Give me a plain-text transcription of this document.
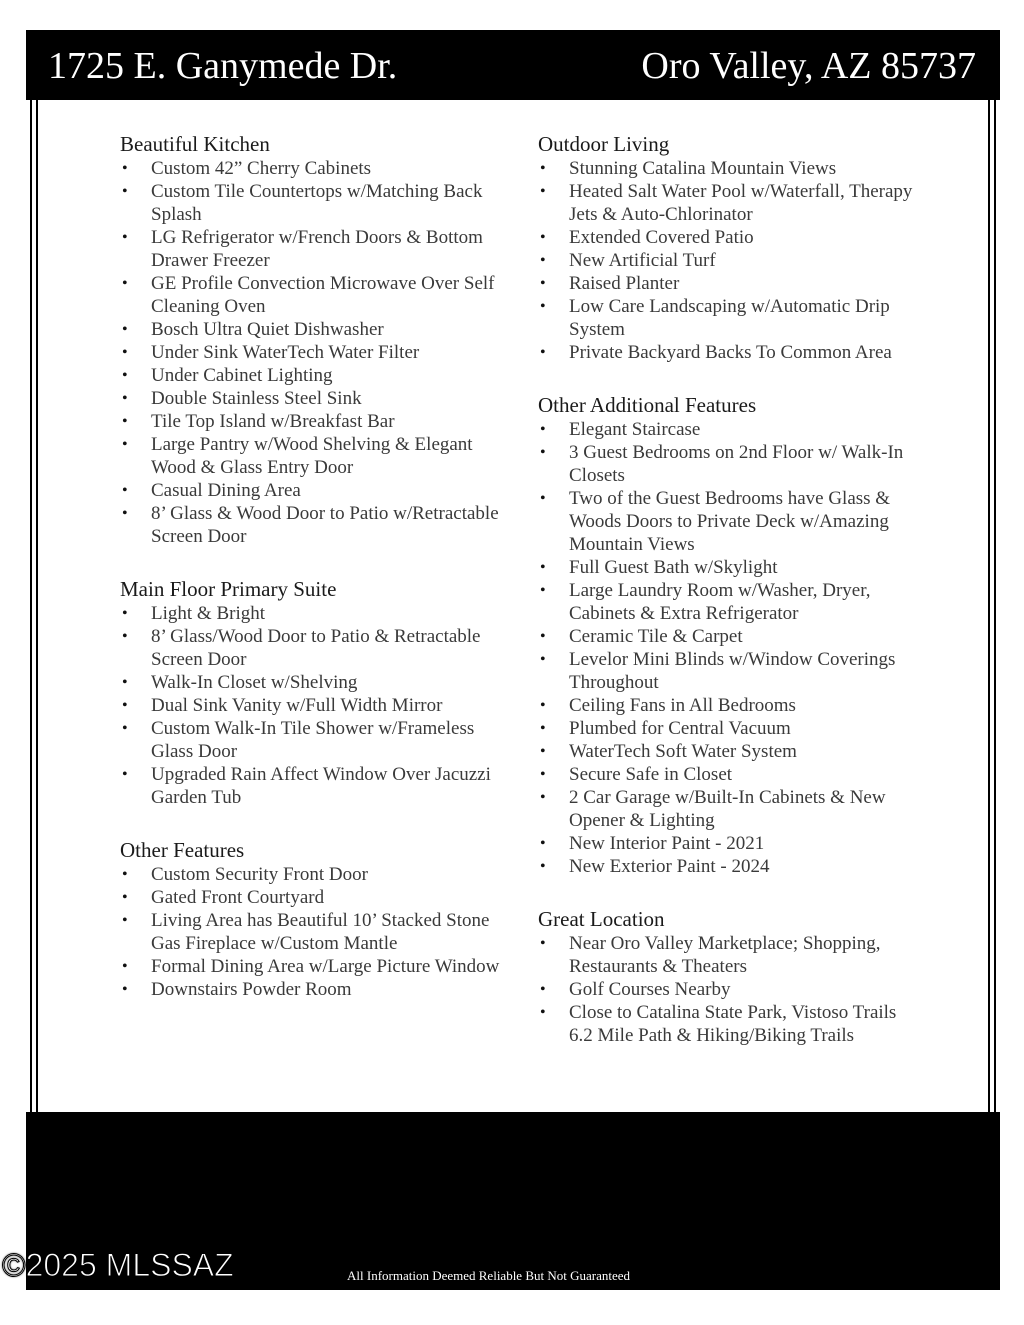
1725 E. Ganymede Dr.	Oro Valley, AZ 85737
Beautiful Kitchen
• Custom 42” Cherry Cabinets
• Custom Tile Countertops w/Matching Back Splash
• LG Refrigerator w/French Doors & Bottom Drawer Freezer
• GE Profile Convection Microwave Over Self Cleaning Oven
• Bosch Ultra Quiet Dishwasher
• Under Sink WaterTech Water Filter
• Under Cabinet Lighting
• Double Stainless Steel Sink
• Tile Top Island w/Breakfast Bar
• Large Pantry w/Wood Shelving & Elegant Wood & Glass Entry Door
• Casual Dining Area
• 8’ Glass & Wood Door to Patio w/Retractable Screen Door
Main Floor Primary Suite
• Light & Bright
• 8’ Glass/Wood Door to Patio & Retractable Screen Door
• Walk-In Closet w/Shelving
• Dual Sink Vanity w/Full Width Mirror
• Custom Walk-In Tile Shower w/Frameless Glass Door
• Upgraded Rain Affect Window Over Jacuzzi Garden Tub
Other Features
• Custom Security Front Door
• Gated Front Courtyard
• Living Area has Beautiful 10’ Stacked Stone Gas Fireplace w/Custom Mantle
• Formal Dining Area w/Large Picture Window
• Downstairs Powder Room
Outdoor Living
• Stunning Catalina Mountain Views
• Heated Salt Water Pool w/Waterfall, Therapy Jets & Auto-Chlorinator
• Extended Covered Patio
• New Artificial Turf
• Raised Planter
• Low Care Landscaping w/Automatic Drip System
• Private Backyard Backs To Common Area
Other Additional Features
• Elegant Staircase
• 3 Guest Bedrooms on 2nd Floor w/ Walk-In Closets
• Two of the Guest Bedrooms have Glass & Woods Doors to Private Deck w/Amazing Mountain Views
• Full Guest Bath w/Skylight
• Large Laundry Room w/Washer, Dryer, Cabinets & Extra Refrigerator
• Ceramic Tile & Carpet
• Levelor Mini Blinds w/Window Coverings Throughout
• Ceiling Fans in All Bedrooms
• Plumbed for Central Vacuum
• WaterTech Soft Water System
• Secure Safe in Closet
• 2 Car Garage w/Built-In Cabinets & New Opener & Lighting
• New Interior Paint - 2021
• New Exterior Paint - 2024
Great Location
• Near Oro Valley Marketplace; Shopping, Restaurants & Theaters
• Golf Courses Nearby
• Close to Catalina State Park, Vistoso Trails 6.2 Mile Path & Hiking/Biking Trails
©2025 MLSSAZ	All Information Deemed Reliable But Not Guaranteed
